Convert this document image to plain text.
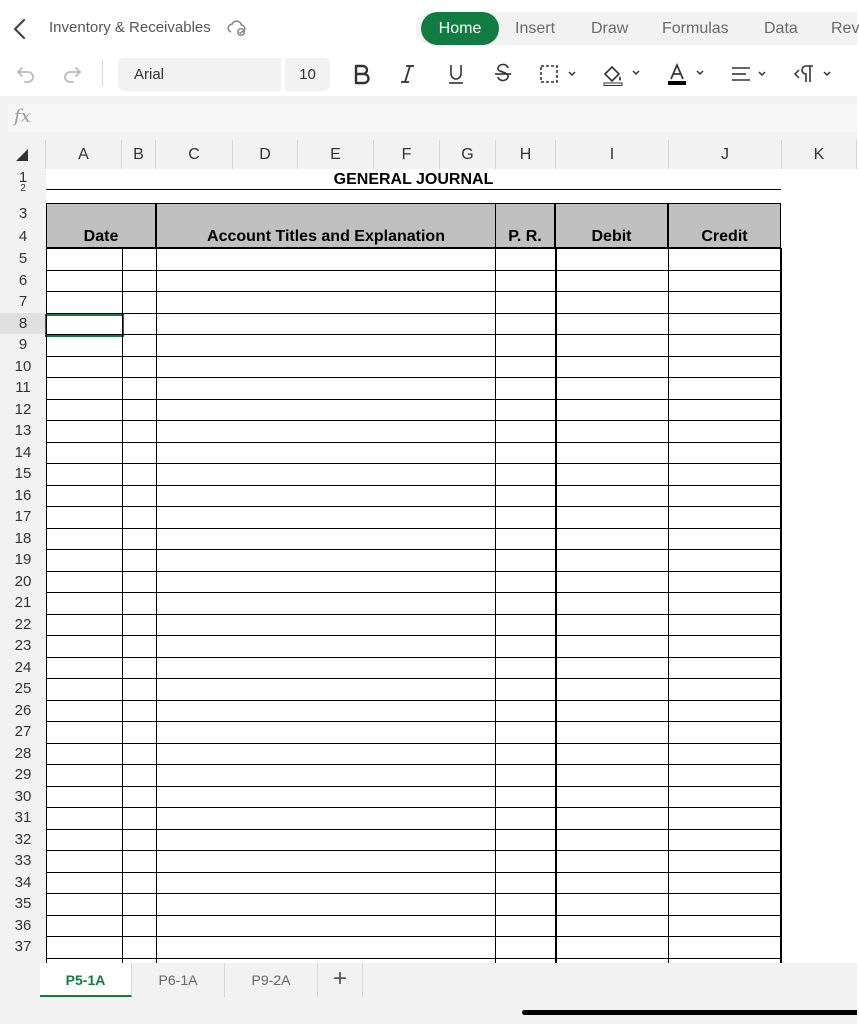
Inventory & Receivables	Home	Insert Draw Formulas Data Rev
Arial	10
fx
A	B	C	D	E	F	G	H	I	J	K
1
2
3
4
5
6
7
8
9
10
11
12
13
14
15
16
17
18
19
20
21
22
23
24
25
26
27
28
29
30
31
32
33
34
35
36
37
GENERAL JOURNAL
Date	Account Titles and Explanation	P. R.	Debit	Credit
P5-1A	P6-1A	P9-2A	+
